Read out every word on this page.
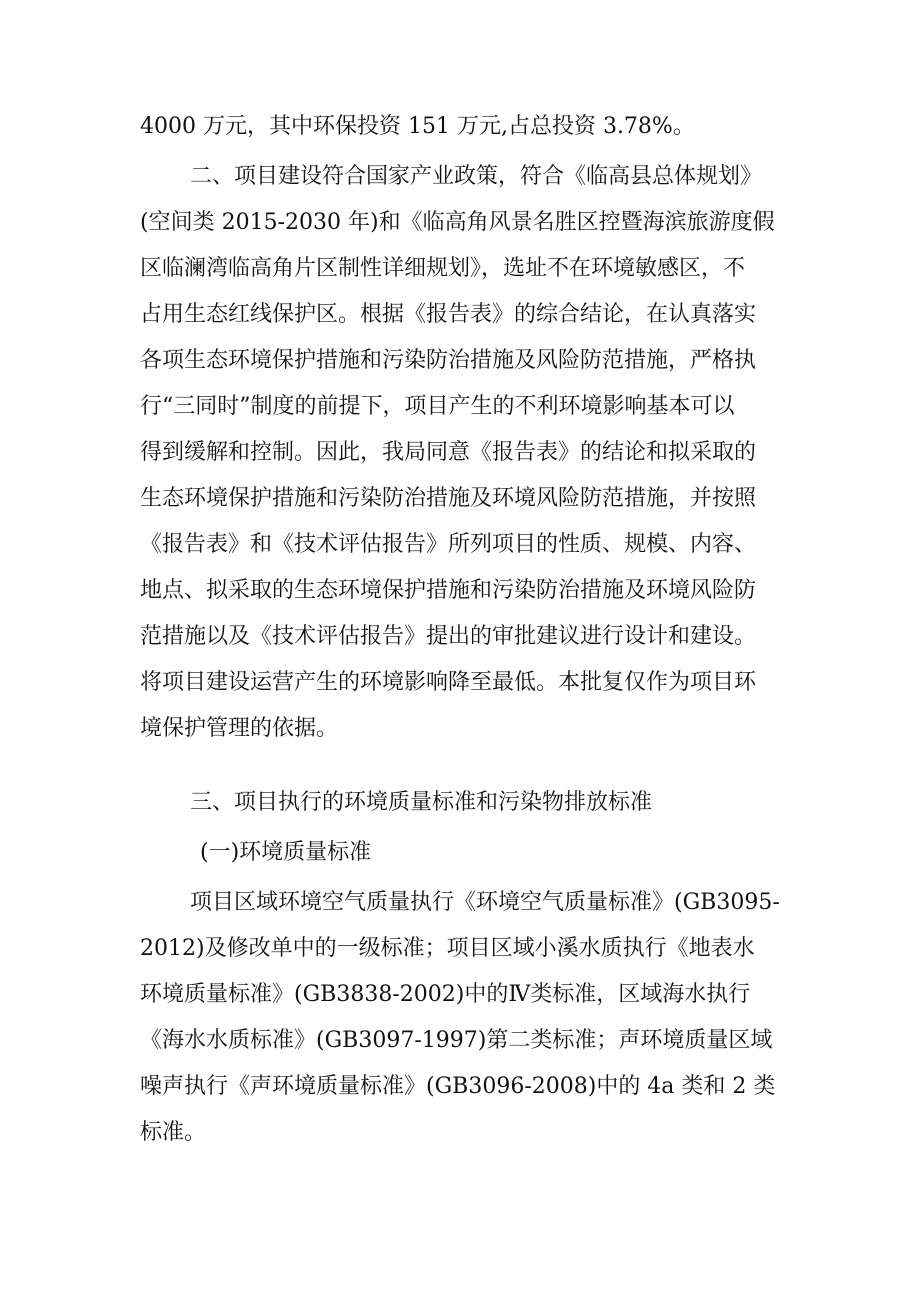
4000 万元，其中环保投资 151 万元,占总投资 3.78%。
二、项目建设符合国家产业政策，符合《临高县总体规划》
(空间类 2015-2030 年)和《临高角风景名胜区控暨海滨旅游度假
区临澜湾临高角片区制性详细规划》，选址不在环境敏感区，不
占用生态红线保护区。根据《报告表》的综合结论，在认真落实
各项生态环境保护措施和污染防治措施及风险防范措施，严格执
行“三同时”制度的前提下，项目产生的不利环境影响基本可以
得到缓解和控制。因此，我局同意《报告表》的结论和拟采取的
生态环境保护措施和污染防治措施及环境风险防范措施，并按照
《报告表》和《技术评估报告》所列项目的性质、规模、内容、
地点、拟采取的生态环境保护措施和污染防治措施及环境风险防
范措施以及《技术评估报告》提出的审批建议进行设计和建设。
将项目建设运营产生的环境影响降至最低。本批复仅作为项目环
境保护管理的依据。
三、项目执行的环境质量标准和污染物排放标准
(一)环境质量标准
项目区域环境空气质量执行《环境空气质量标准》(GB3095-
2012)及修改单中的一级标准；项目区域小溪水质执行《地表水
环境质量标准》(GB3838-2002)中的Ⅳ类标准，区域海水执行
《海水水质标准》(GB3097-1997)第二类标准；声环境质量区域
噪声执行《声环境质量标准》(GB3096-2008)中的 4a 类和 2 类
标准。
